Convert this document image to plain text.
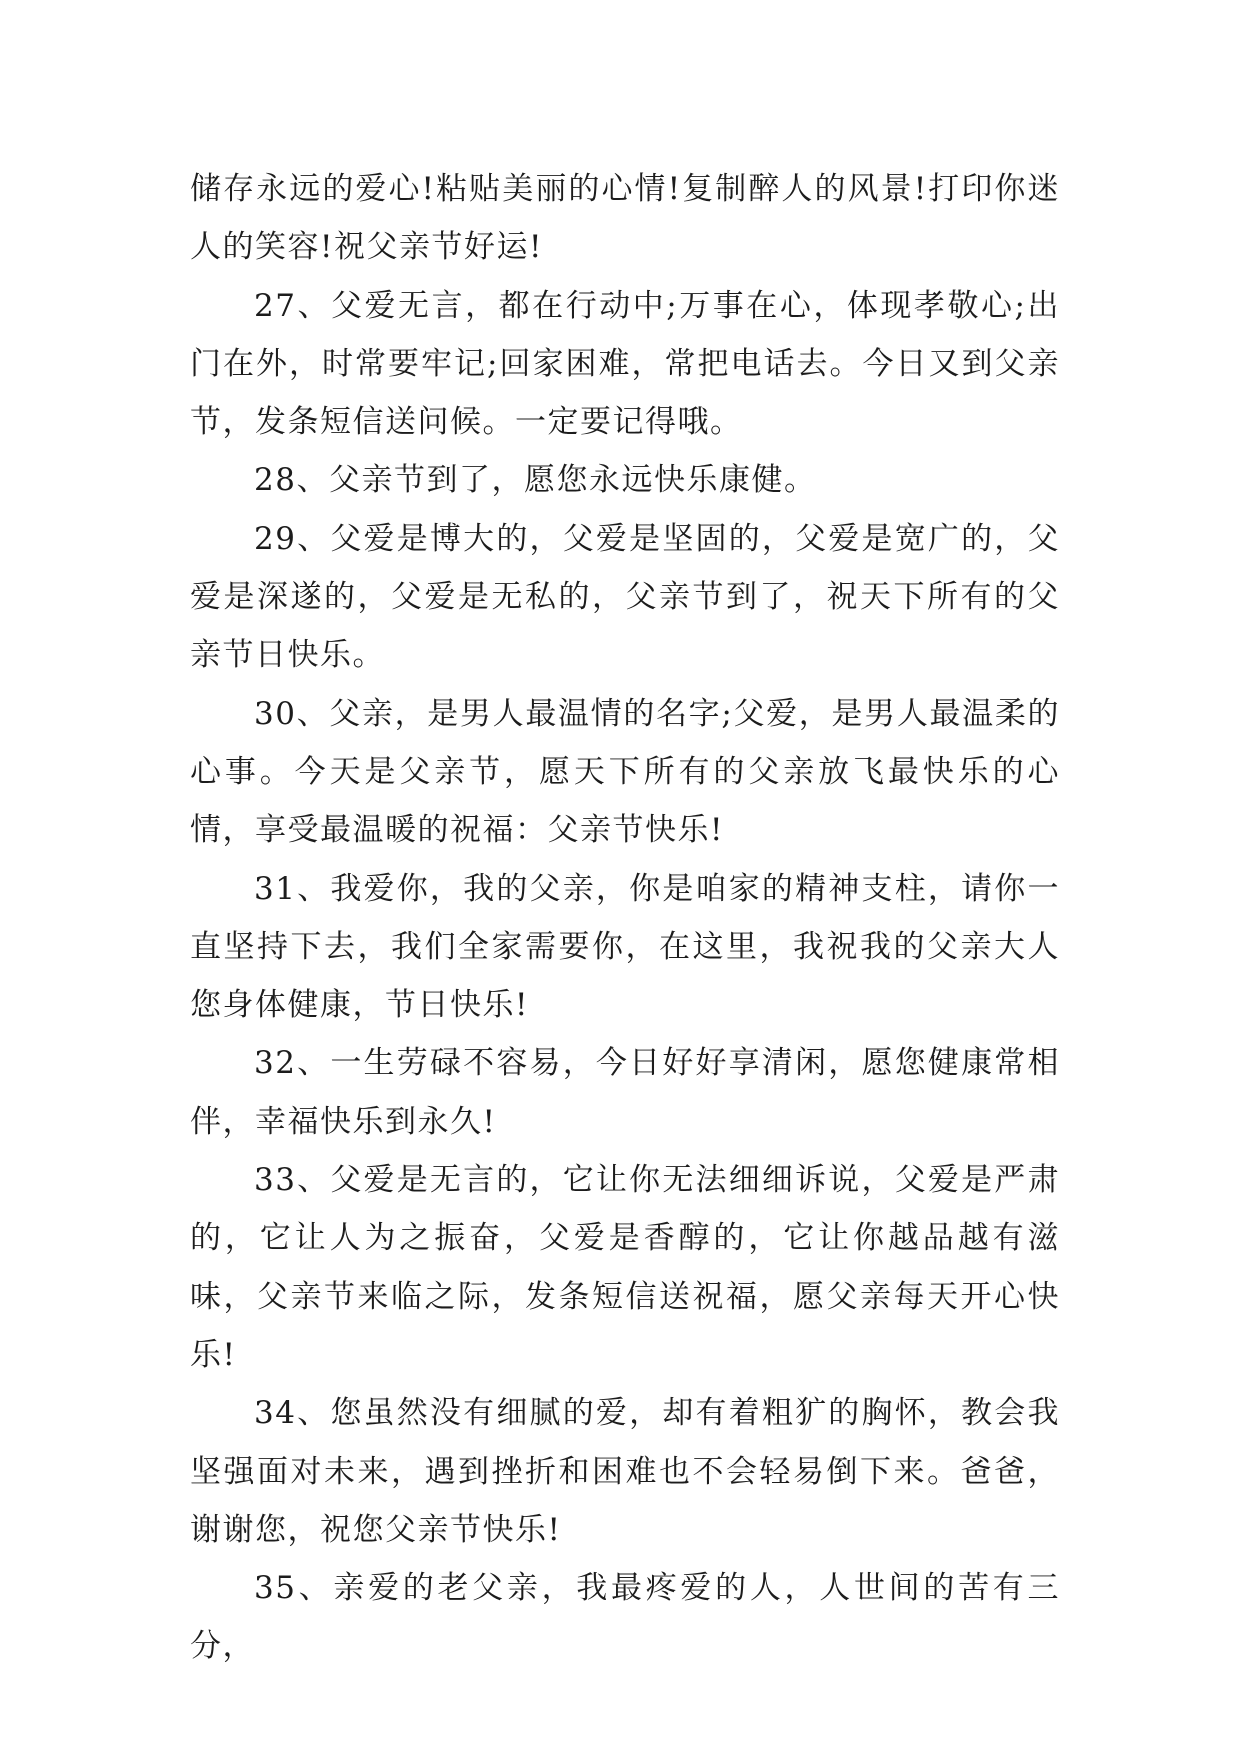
储存永远的爱心!粘贴美丽的心情!复制醉人的风景!打印你迷人的笑容!祝父亲节好运!

27、父爱无言，都在行动中;万事在心，体现孝敬心;出门在外，时常要牢记;回家困难，常把电话去。今日又到父亲节，发条短信送问候。一定要记得哦。

28、父亲节到了，愿您永远快乐康健。

29、父爱是博大的，父爱是坚固的，父爱是宽广的，父爱是深遂的，父爱是无私的，父亲节到了，祝天下所有的父亲节日快乐。

30、父亲，是男人最温情的名字;父爱，是男人最温柔的心事。今天是父亲节，愿天下所有的父亲放飞最快乐的心情，享受最温暖的祝福：父亲节快乐!

31、我爱你，我的父亲，你是咱家的精神支柱，请你一直坚持下去，我们全家需要你，在这里，我祝我的父亲大人您身体健康，节日快乐!

32、一生劳碌不容易，今日好好享清闲，愿您健康常相伴，幸福快乐到永久!

33、父爱是无言的，它让你无法细细诉说，父爱是严肃的，它让人为之振奋，父爱是香醇的，它让你越品越有滋味，父亲节来临之际，发条短信送祝福，愿父亲每天开心快乐!

34、您虽然没有细腻的爱，却有着粗犷的胸怀，教会我坚强面对未来，遇到挫折和困难也不会轻易倒下来。爸爸，谢谢您，祝您父亲节快乐!

35、亲爱的老父亲，我最疼爱的人，人世间的苦有三分，
